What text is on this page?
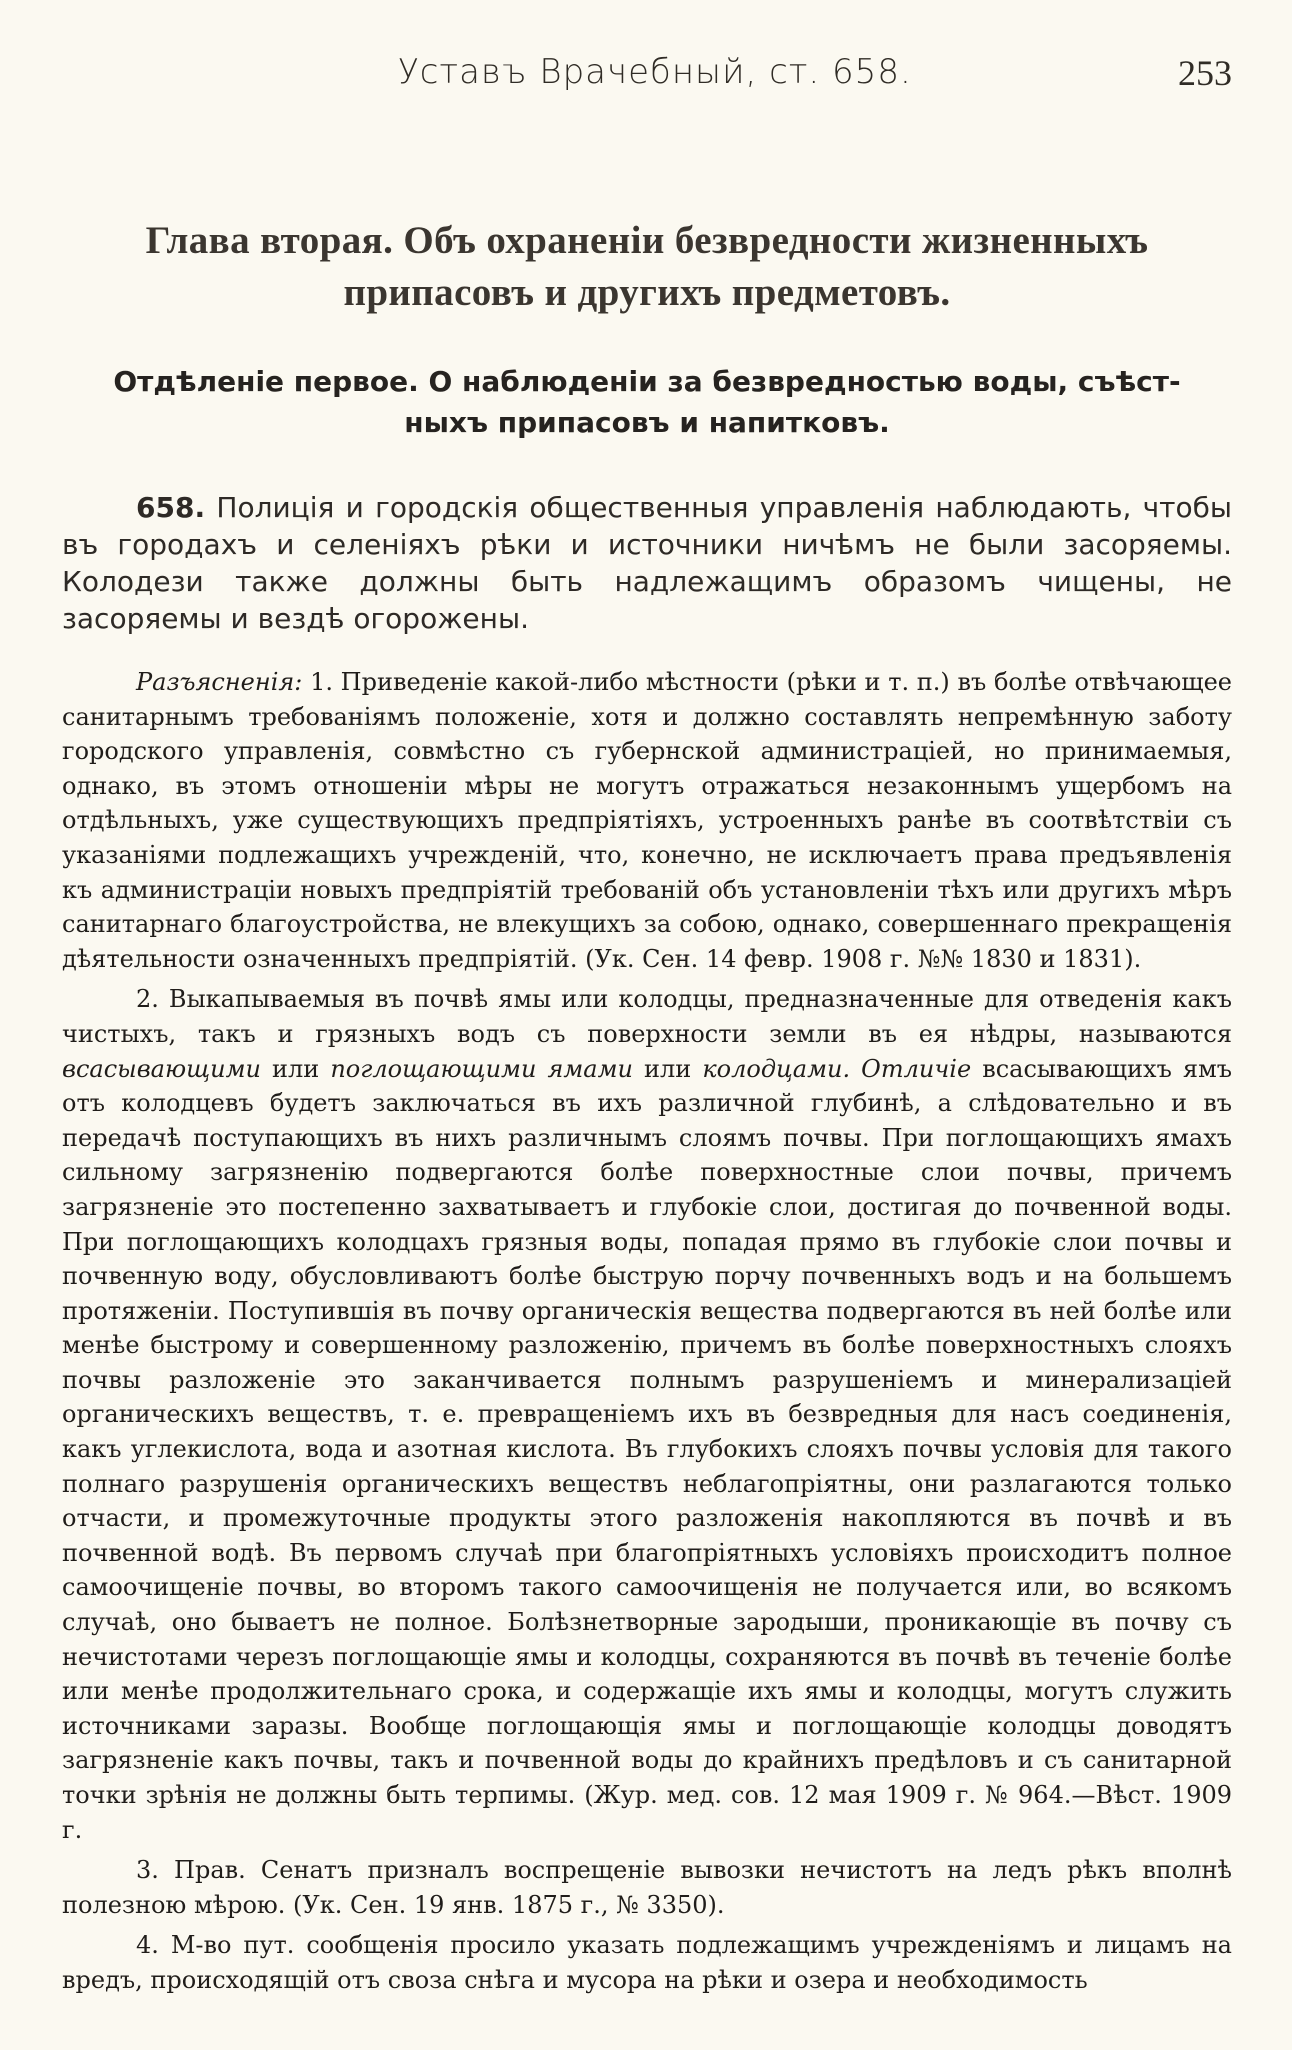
Уставъ Врачебный, ст. 658.	253
Глава вторая. Объ охраненіи безвредности жизненныхъ
припасовъ и другихъ предметовъ.
Отдѣленіе первое. О наблюденіи за безвредностью воды, съѣст-
ныхъ припасовъ и напитковъ.

658. Полиція и городскія общественныя управленія наблюдають, чтобы въ городахъ и селеніяхъ рѣки и источники ничѣмъ не были засоряемы. Колодези также должны быть надлежащимъ образомъ чищены, не засоряемы и вездѣ огорожены.

Разъясненія: 1. Приведеніе какой-либо мѣстности (рѣки и т. п.) въ болѣе отвѣчающее санитарнымъ требованіямъ положеніе, хотя и должно составлять непремѣнную заботу городского управленія, совмѣстно съ губернской администраціей, но принимаемыя, однако, въ этомъ отношеніи мѣры не могутъ отражаться незаконнымъ ущербомъ на отдѣльныхъ, уже существующихъ предпріятіяхъ, устроенныхъ ранѣе въ соотвѣтствіи съ указаніями подлежащихъ учрежденій, что, конечно, не исключаетъ права предъявленія къ администраціи новыхъ предпріятій требованій объ установленіи тѣхъ или другихъ мѣръ санитарнаго благоустройства, не влекущихъ за собою, однако, совершеннаго прекращенія дѣятельности означенныхъ предпріятій. (Ук. Сен. 14 февр. 1908 г. №№ 1830 и 1831).

2. Выкапываемыя въ почвѣ ямы или колодцы, предназначенные для отведенія какъ чистыхъ, такъ и грязныхъ водъ съ поверхности земли въ ея нѣдры, называются всасывающими или поглощающими ямами или колодцами. Отличіе всасывающихъ ямъ отъ колодцевъ будетъ заключаться въ ихъ различной глубинѣ, а слѣдовательно и въ передачѣ поступающихъ въ нихъ различнымъ слоямъ почвы. При поглощающихъ ямахъ сильному загрязненію подвергаются болѣе поверхностные слои почвы, причемъ загрязненіе это постепенно захватываетъ и глубокіе слои, достигая до почвенной воды. При поглощающихъ колодцахъ грязныя воды, попадая прямо въ глубокіе слои почвы и почвенную воду, обусловливаютъ болѣе быструю порчу почвенныхъ водъ и на большемъ протяженіи. Поступившія въ почву органическія вещества подвергаются въ ней болѣе или менѣе быстрому и совершенному разложенію, причемъ въ болѣе поверхностныхъ слояхъ почвы разложеніе это заканчивается полнымъ разрушеніемъ и минерализаціей органическихъ веществъ, т. е. превращеніемъ ихъ въ безвредныя для насъ соединенія, какъ углекислота, вода и азотная кислота. Въ глубокихъ слояхъ почвы условія для такого полнаго разрушенія органическихъ веществъ неблагопріятны, они разлагаются только отчасти, и промежуточные продукты этого разложенія накопляются въ почвѣ и въ почвенной водѣ. Въ первомъ случаѣ при благопріятныхъ условіяхъ происходитъ полное самоочищеніе почвы, во второмъ такого самоочищенія не получается или, во всякомъ случаѣ, оно бываетъ не полное. Болѣзнетворные зародыши, проникающіе въ почву съ нечистотами черезъ поглощающіе ямы и колодцы, сохраняются въ почвѣ въ теченіе болѣе или менѣе продолжительнаго срока, и содержащіе ихъ ямы и колодцы, могутъ служить источниками заразы. Вообще поглощающія ямы и поглощающіе колодцы доводятъ загрязненіе какъ почвы, такъ и почвенной воды до крайнихъ предѣловъ и съ санитарной точки зрѣнія не должны быть терпимы. (Жур. мед. сов. 12 мая 1909 г. № 964.—Вѣст. 1909 г.

3. Прав. Сенатъ призналъ воспрещеніе вывозки нечистотъ на ледъ рѣкъ вполнѣ полезною мѣрою. (Ук. Сен. 19 янв. 1875 г., № 3350).

4. М-во пут. сообщенія просило указать подлежащимъ учрежденіямъ и лицамъ на вредъ, происходящій отъ своза снѣга и мусора на рѣки и озера и необходимость
